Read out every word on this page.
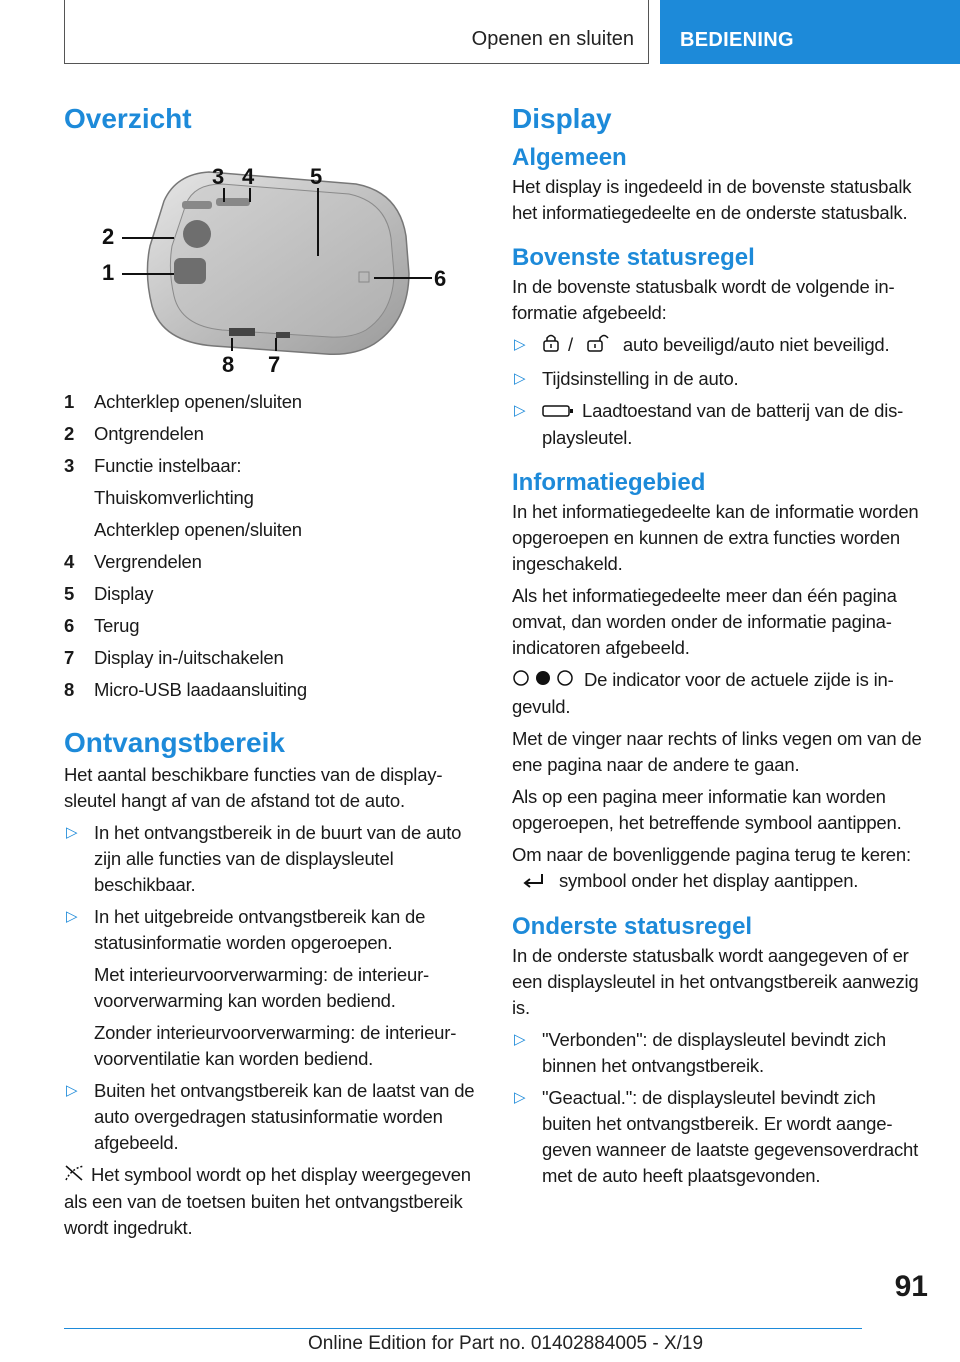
Openen en sluiten BEDIENING
Overzicht
1
2
3 4	5
6
7
8
1	Achterklep openen/sluiten
2	Ontgrendelen
3	Functie instelbaar:
Thuiskomverlichting
Achterklep openen/sluiten
4	Vergrendelen
5	Display
6	Terug
7	Display in-/uitschakelen
8	Micro-USB laadaansluiting
Ontvangstbereik

Het aantal beschikbare functies van de displaysleutel hangt af van de afstand tot de auto.

▷ In het ontvangstbereik in de buurt van de auto zijn alle functies van de displaysleutel beschikbaar.
▷ In het uitgebreide ontvangstbereik kan de statusinformatie worden opgeroepen.

Met interieurvoorverwarming: de interieurvoorverwarming kan worden bediend.

Zonder interieurvoorverwarming: de interieurvoorventilatie kan worden bediend.

▷ Buiten het ontvangstbereik kan de laatst van de auto overgedragen statusinformatie worden afgebeeld.

Het symbool wordt op het display weergegeven als een van de toetsen buiten het ontvangstbereik wordt ingedrukt.

Display
Algemeen

Het display is ingedeeld in de bovenste statusbalk het informatiegedeelte en de onderste statusbalk.

Bovenste statusregel

In de bovenste statusbalk wordt de volgende informatie afgebeeld:

▷ /	auto beveiligd/auto niet beveiligd.
▷ Tijdsinstelling in de auto.
▷	Laadtoestand van de batterij van de displaysleutel.
Informatiegebied

In het informatiegedeelte kan de informatie worden opgeroepen en kunnen de extra functies worden ingeschakeld.

Als het informatiegedeelte meer dan één pagina omvat, dan worden onder de informatie paginaindicatoren afgebeeld.

De indicator voor de actuele zijde is ingevuld.

Met de vinger naar rechts of links vegen om van de ene pagina naar de andere te gaan.

Als op een pagina meer informatie kan worden opgeroepen, het betreffende symbool aantippen.

Om naar de bovenliggende pagina terug te keren:  symbool onder het display aantippen.

Onderste statusregel

In de onderste statusbalk wordt aangegeven of er een displaysleutel in het ontvangstbereik aanwezig is.

▷ "Verbonden": de displaysleutel bevindt zich binnen het ontvangstbereik.
▷ "Geactual.": de displaysleutel bevindt zich buiten het ontvangstbereik. Er wordt aangegeven wanneer de laatste gegevensoverdracht met de auto heeft plaatsgevonden.
91
Online Edition for Part no. 01402884005 - X/19
